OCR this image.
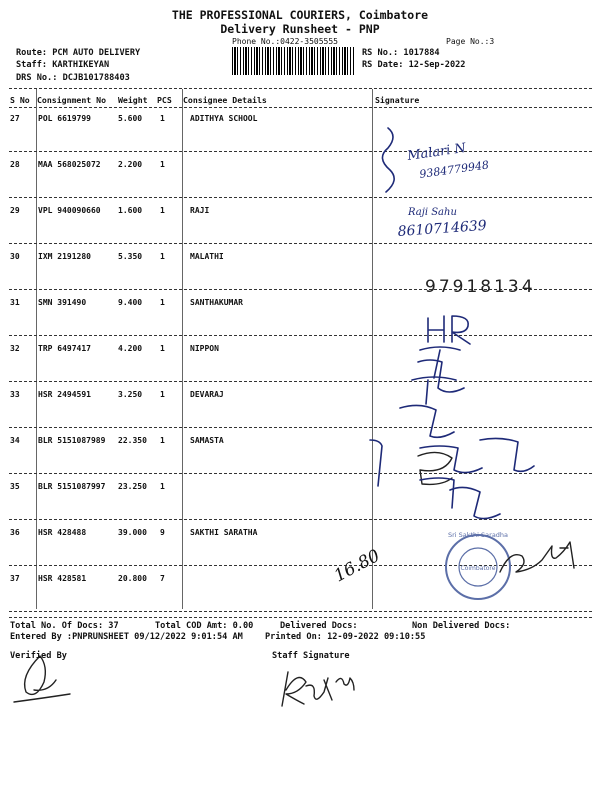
THE PROFESSIONAL COURIERS, Coimbatore
Delivery Runsheet - PNP
Phone No.:0422-3505555	Page No.:3
Route: PCM AUTO DELIVERY
Staff: KARTHIKEYAN
DRS No.: DCJB101788403
RS No.: 1017884
RS Date: 12-Sep-2022
S No Consignment No Weight PCS Consignee Details	Signature
27 POL 6619799	5.600 1	ADITHYA SCHOOL
28 MAA 568025072 2.200 1
29 VPL 940090660 1.600 1	RAJI
30 IXM 2191280	5.350 1	MALATHI
31 SMN 391490	9.400 1	SANTHAKUMAR
32 TRP 6497417	4.200 1	NIPPON
33 HSR 2494591	3.250 1	DEVARAJ
34 BLR 5151087989 22.350 1	SAMASTA
35 BLR 5151087997 23.250 1
36 HSR 428488	39.000 9	SAKTHI SARATHA
37 HSR 428581	20.800 7
Malari N
9384779948
Raji Sahu
8610714639
97918134
16.80
Sri Sakthi Saradha
Coimbatore
Total No. Of Docs: 37	Total COD Amt: 0.00	Delivered Docs:	Non Delivered Docs:
Entered By :PNPRUNSHEET 09/12/2022 9:01:54 AM	Printed On: 12-09-2022 09:10:55
Verified By	Staff Signature
